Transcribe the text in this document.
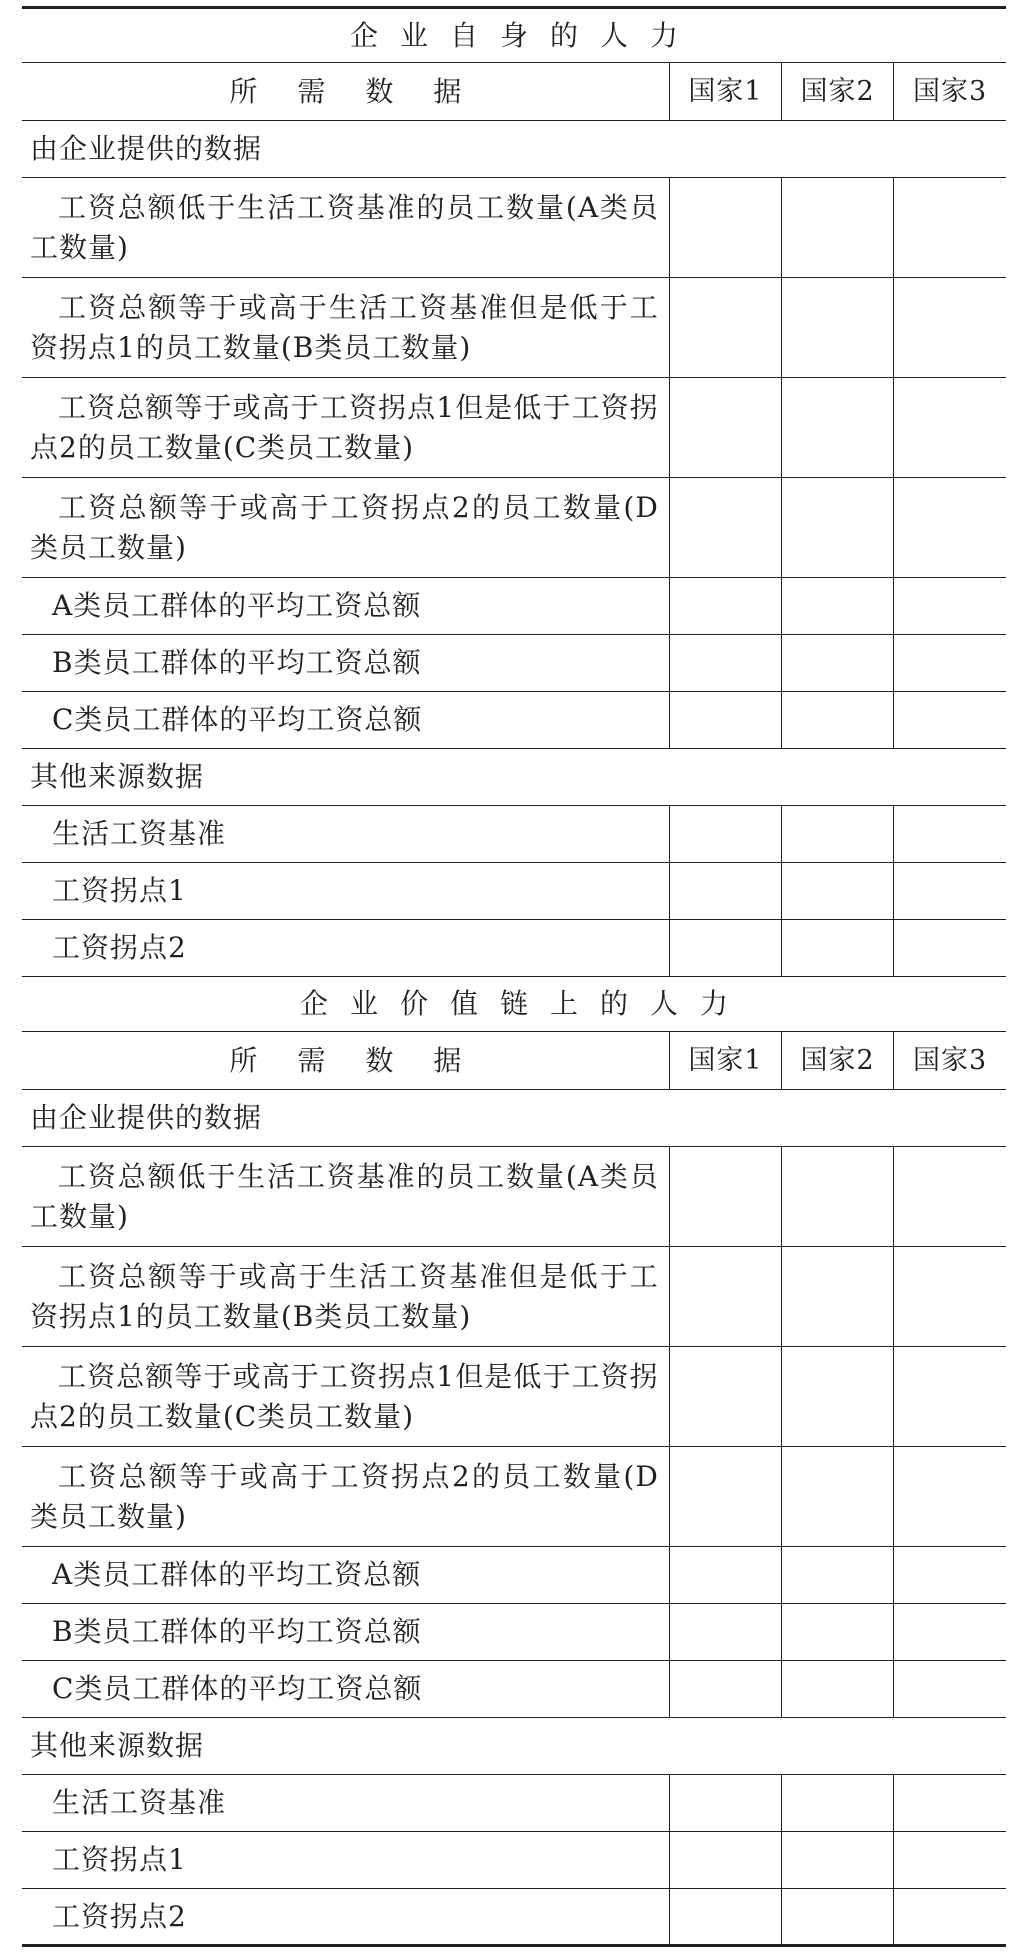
企业自身的人力			
所需数据	国家1	国家2	国家3
由企业提供的数据			
工资总额低于生活工资基准的员工数量(A类员工数量)			
工资总额等于或高于生活工资基准但是低于工资拐点1的员工数量(B类员工数量)			
工资总额等于或高于工资拐点1但是低于工资拐点2的员工数量(C类员工数量)			
工资总额等于或高于工资拐点2的员工数量(D类员工数量)			
A类员工群体的平均工资总额			
B类员工群体的平均工资总额			
C类员工群体的平均工资总额			
其他来源数据			
生活工资基准			
工资拐点1			
工资拐点2			
企业价值链上的人力			
所需数据	国家1	国家2	国家3
由企业提供的数据			
工资总额低于生活工资基准的员工数量(A类员工数量)			
工资总额等于或高于生活工资基准但是低于工资拐点1的员工数量(B类员工数量)			
工资总额等于或高于工资拐点1但是低于工资拐点2的员工数量(C类员工数量)			
工资总额等于或高于工资拐点2的员工数量(D类员工数量)			
A类员工群体的平均工资总额			
B类员工群体的平均工资总额			
C类员工群体的平均工资总额			
其他来源数据			
生活工资基准			
工资拐点1			
工资拐点2			
